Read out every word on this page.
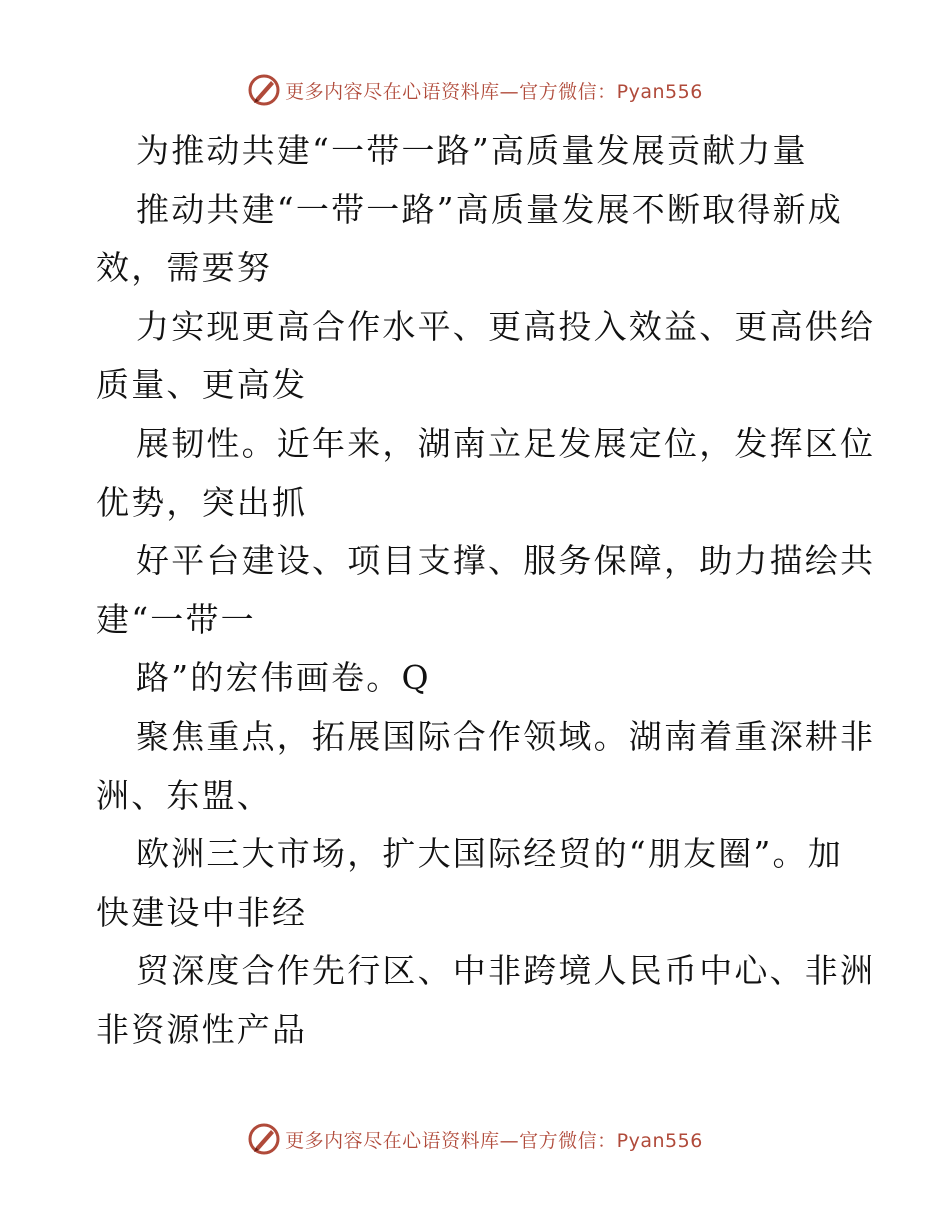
更多内容尽在心语资料库—官方微信：Pyan556
为推动共建“一带一路”高质量发展贡献力量
推动共建“一带一路”高质量发展不断取得新成
效，需要努
力实现更高合作水平、更高投入效益、更高供给
质量、更高发
展韧性。近年来，湖南立足发展定位，发挥区位
优势，突出抓
好平台建设、项目支撑、服务保障，助力描绘共
建“一带一
路”的宏伟画卷。Q
聚焦重点，拓展国际合作领域。湖南着重深耕非
洲、东盟、
欧洲三大市场，扩大国际经贸的“朋友圈”。加
快建设中非经
贸深度合作先行区、中非跨境人民币中心、非洲
非资源性产品
更多内容尽在心语资料库—官方微信：Pyan556
